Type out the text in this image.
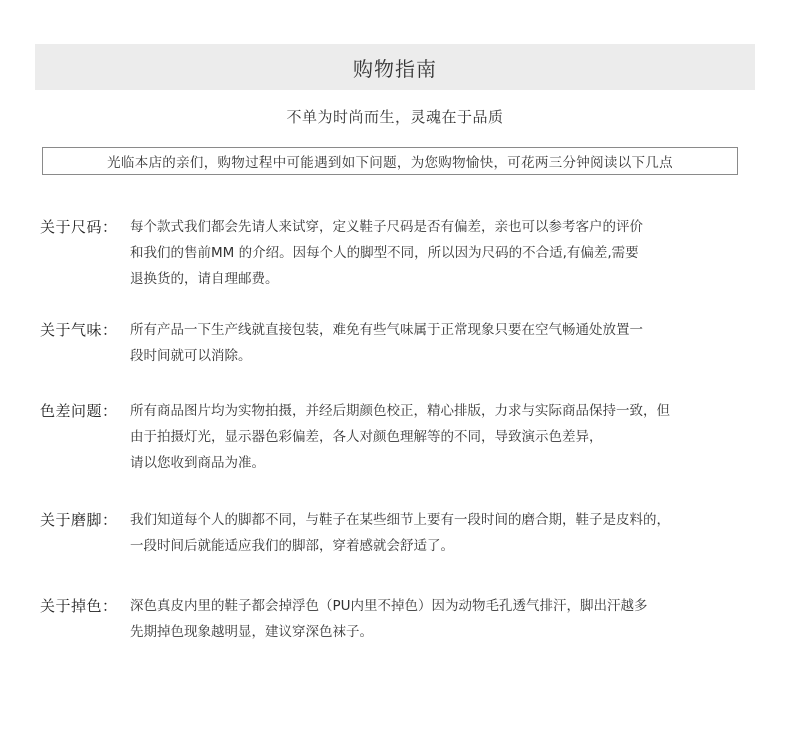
购物指南
不单为时尚而生，灵魂在于品质
光临本店的亲们，购物过程中可能遇到如下问题，为您购物愉快，可花两三分钟阅读以下几点
关于尺码： 每个款式我们都会先请人来试穿，定义鞋子尺码是否有偏差，亲也可以参考客户的评价
和我们的售前MM 的介绍。因每个人的脚型不同，所以因为尺码的不合适,有偏差,需要
退换货的，请自理邮费。
关于气味： 所有产品一下生产线就直接包装，难免有些气味属于正常现象只要在空气畅通处放置一
段时间就可以消除。
色差问题： 所有商品图片均为实物拍摄，并经后期颜色校正，精心排版，力求与实际商品保持一致，但
由于拍摄灯光，显示器色彩偏差，各人对颜色理解等的不同，导致演示色差异，
请以您收到商品为准。
关于磨脚： 我们知道每个人的脚都不同，与鞋子在某些细节上要有一段时间的磨合期，鞋子是皮料的，
一段时间后就能适应我们的脚部，穿着感就会舒适了。
关于掉色： 深色真皮内里的鞋子都会掉浮色（PU内里不掉色）因为动物毛孔透气排汗，脚出汗越多
先期掉色现象越明显，建议穿深色袜子。
